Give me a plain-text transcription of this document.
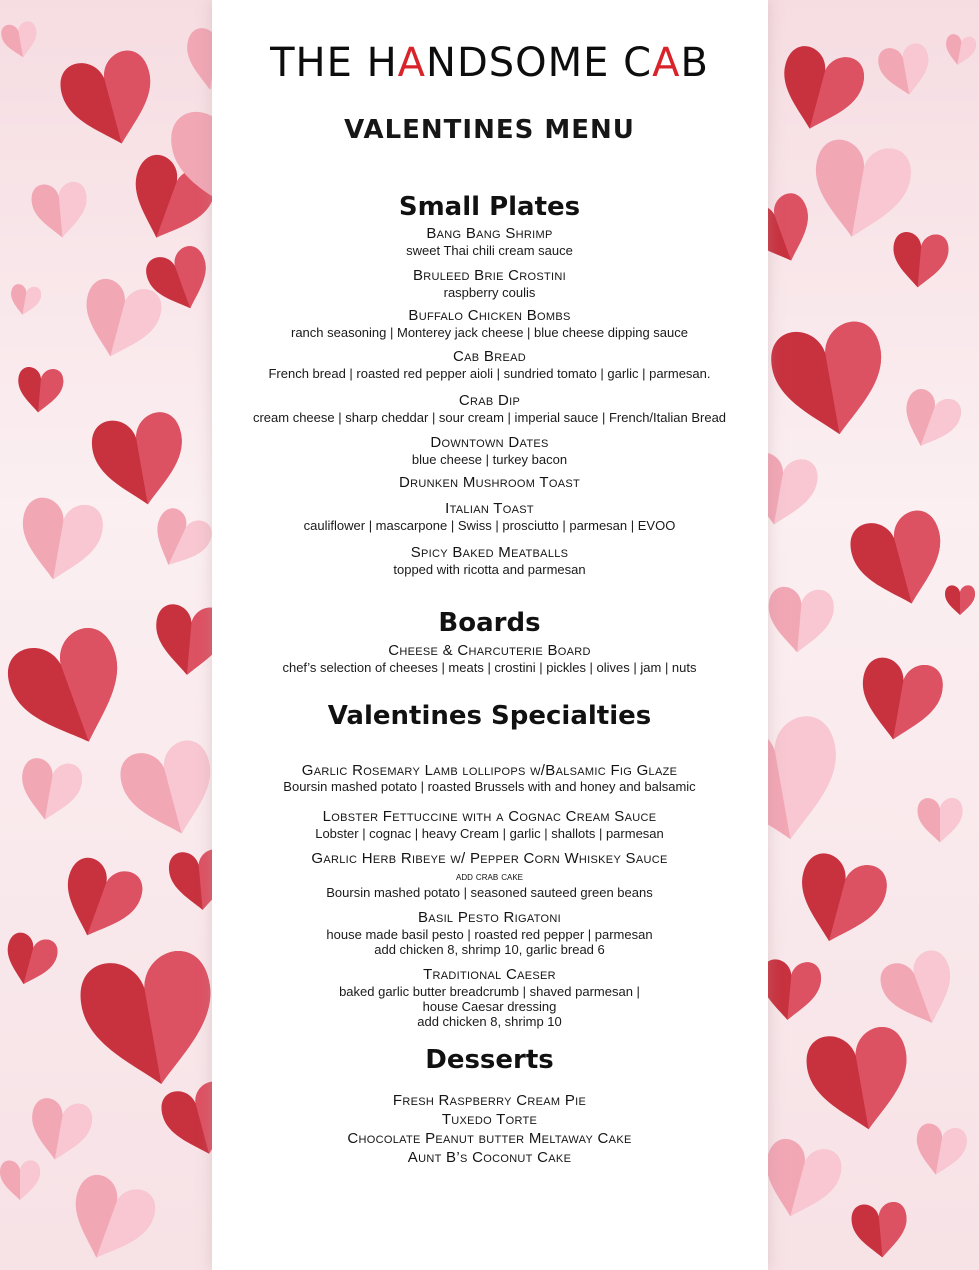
THE HANDSOME CAB
VALENTINES MENU
Small Plates
Bang Bang Shrimp
sweet Thai chili cream sauce
Bruleed Brie Crostini
raspberry coulis
Buffalo Chicken Bombs
ranch seasoning | Monterey jack cheese | blue cheese dipping sauce
Cab Bread
French bread | roasted red pepper aioli | sundried tomato | garlic | parmesan.
Crab Dip
cream cheese | sharp cheddar | sour cream | imperial sauce | French/Italian Bread
Downtown Dates
blue cheese | turkey bacon
Drunken Mushroom Toast
Italian Toast
cauliflower | mascarpone | Swiss | prosciutto | parmesan | EVOO
Spicy Baked Meatballs
topped with ricotta and parmesan
Boards
Cheese & Charcuterie Board
chef’s selection of cheeses | meats | crostini | pickles | olives | jam | nuts
Valentines Specialties
Garlic Rosemary Lamb lollipops w/Balsamic Fig Glaze
Boursin mashed potato | roasted Brussels with and honey and balsamic
Lobster Fettuccine with a Cognac Cream Sauce
Lobster | cognac | heavy Cream | garlic | shallots | parmesan
Garlic Herb Ribeye w/ Pepper Corn Whiskey Sauce
add crab cake
Boursin mashed potato | seasoned sauteed green beans
Basil Pesto Rigatoni
house made basil pesto | roasted red pepper | parmesan
add chicken 8, shrimp 10, garlic bread 6
Traditional Caeser
baked garlic butter breadcrumb | shaved parmesan |
house Caesar dressing
add chicken 8, shrimp 10
Desserts
Fresh Raspberry Cream Pie
Tuxedo Torte
Chocolate Peanut butter Meltaway Cake
Aunt B’s Coconut Cake
